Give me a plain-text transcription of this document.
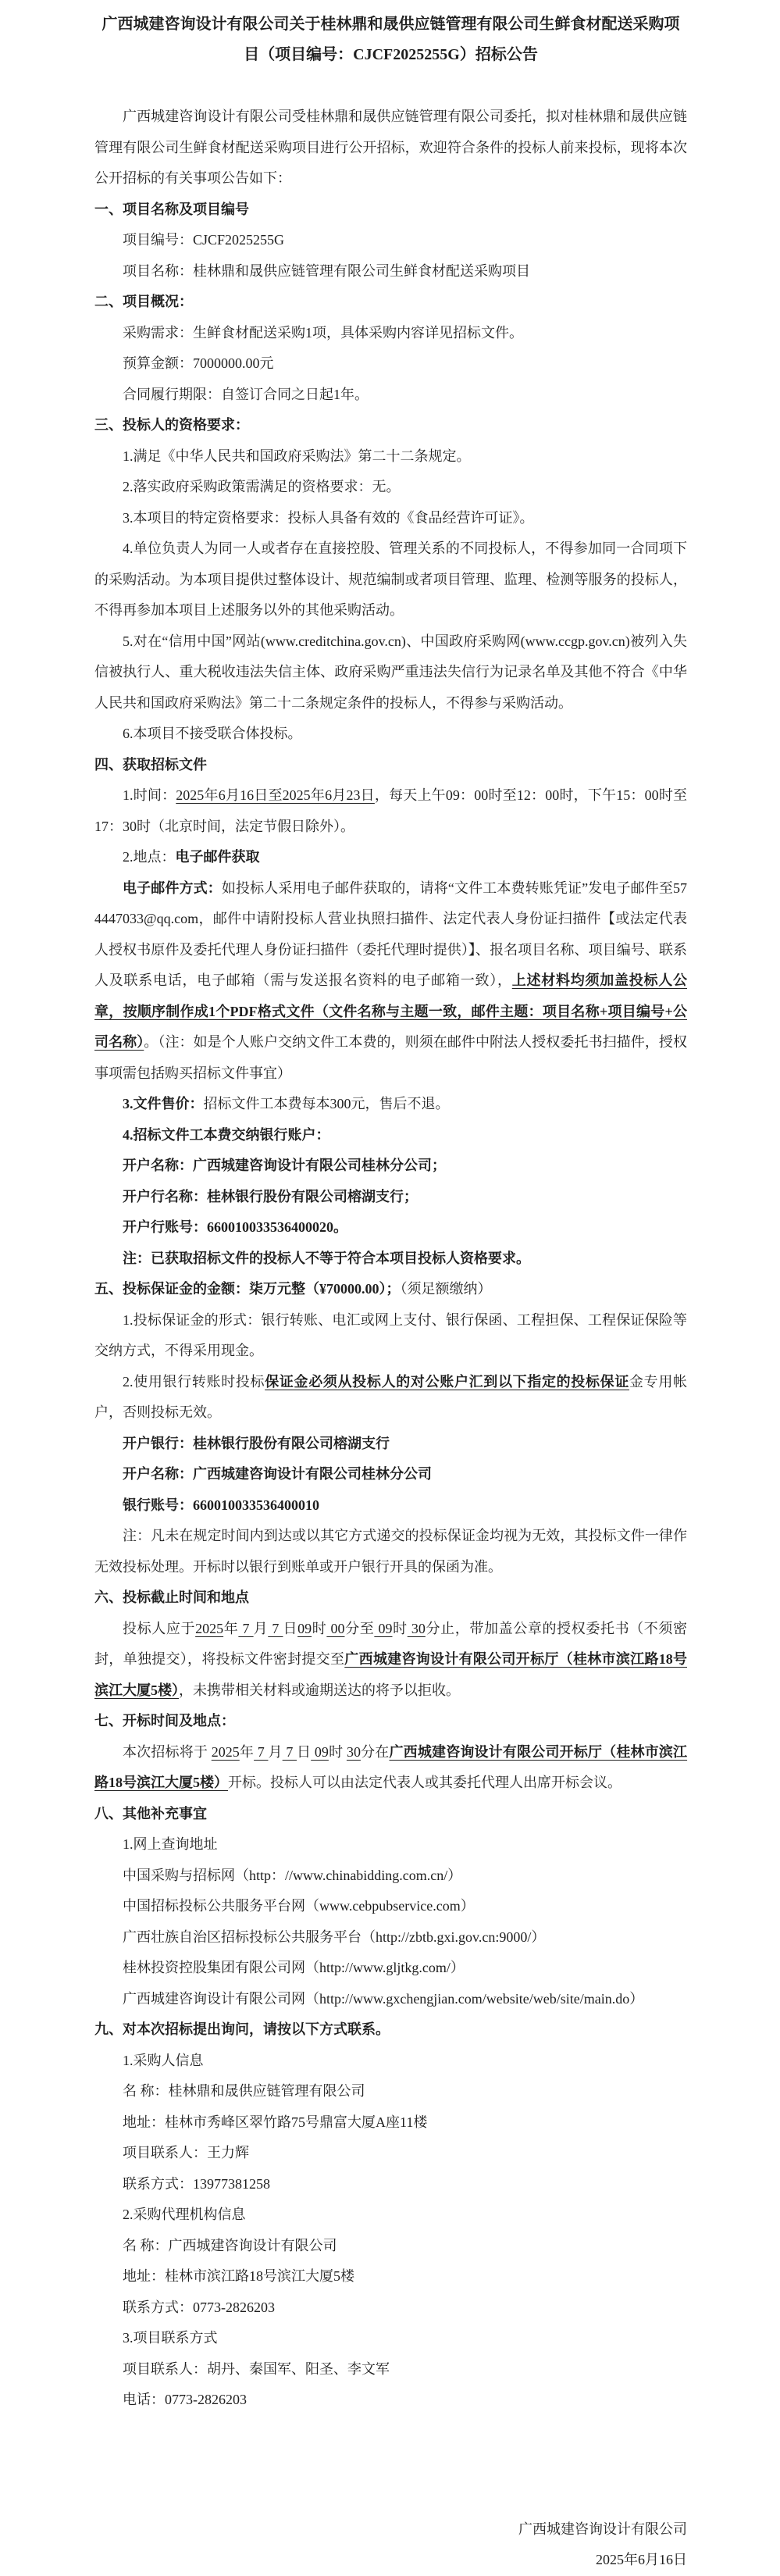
广西城建咨询设计有限公司关于桂林鼎和晟供应链管理有限公司生鲜食材配送采购项目（项目编号：CJCF2025255G）招标公告

广西城建咨询设计有限公司受桂林鼎和晟供应链管理有限公司委托，拟对桂林鼎和晟供应链管理有限公司生鲜食材配送采购项目进行公开招标，欢迎符合条件的投标人前来投标，现将本次公开招标的有关事项公告如下：

一、项目名称及项目编号

项目编号：CJCF2025255G

项目名称：桂林鼎和晟供应链管理有限公司生鲜食材配送采购项目

二、项目概况：

采购需求：生鲜食材配送采购1项，具体采购内容详见招标文件。

预算金额：7000000.00元

合同履行期限：自签订合同之日起1年。

三、投标人的资格要求：

1.满足《中华人民共和国政府采购法》第二十二条规定。

2.落实政府采购政策需满足的资格要求：无。

3.本项目的特定资格要求：投标人具备有效的《食品经营许可证》。

4.单位负责人为同一人或者存在直接控股、管理关系的不同投标人，不得参加同一合同项下的采购活动。为本项目提供过整体设计、规范编制或者项目管理、监理、检测等服务的投标人，不得再参加本项目上述服务以外的其他采购活动。

5.对在“信用中国”网站(www.creditchina.gov.cn)、中国政府采购网(www.ccgp.gov.cn)被列入失信被执行人、重大税收违法失信主体、政府采购严重违法失信行为记录名单及其他不符合《中华人民共和国政府采购法》第二十二条规定条件的投标人，不得参与采购活动。

6.本项目不接受联合体投标。

四、获取招标文件

1.时间：2025年6月16日至2025年6月23日，每天上午09：00时至12：00时，下午15：00时至17：30时（北京时间，法定节假日除外）。

2.地点：电子邮件获取

电子邮件方式：如投标人采用电子邮件获取的，请将“文件工本费转账凭证”发电子邮件至574447033@qq.com，邮件中请附投标人营业执照扫描件、法定代表人身份证扫描件【或法定代表人授权书原件及委托代理人身份证扫描件（委托代理时提供）】、报名项目名称、项目编号、联系人及联系电话，电子邮箱（需与发送报名资料的电子邮箱一致），上述材料均须加盖投标人公章，按顺序制作成1个PDF格式文件（文件名称与主题一致，邮件主题：项目名称+项目编号+公司名称）。（注：如是个人账户交纳文件工本费的，则须在邮件中附法人授权委托书扫描件，授权事项需包括购买招标文件事宜）

3.文件售价：招标文件工本费每本300元，售后不退。

4.招标文件工本费交纳银行账户：

开户名称：广西城建咨询设计有限公司桂林分公司；

开户行名称：桂林银行股份有限公司榕湖支行；

开户行账号：660010033536400020。

注：已获取招标文件的投标人不等于符合本项目投标人资格要求。

五、投标保证金的金额：柒万元整（¥70000.00）；（须足额缴纳）

1.投标保证金的形式：银行转账、电汇或网上支付、银行保函、工程担保、工程保证保险等交纳方式，不得采用现金。

2.使用银行转账时投标保证金必须从投标人的对公账户汇到以下指定的投标保证金专用帐户，否则投标无效。

开户银行：桂林银行股份有限公司榕湖支行

开户名称：广西城建咨询设计有限公司桂林分公司

银行账号：660010033536400010

注：凡未在规定时间内到达或以其它方式递交的投标保证金均视为无效，其投标文件一律作无效投标处理。开标时以银行到账单或开户银行开具的保函为准。

六、投标截止时间和地点

投标人应于2025年 7 月 7 日09时 00分至 09时 30分止，带加盖公章的授权委托书（不须密封，单独提交），将投标文件密封提交至广西城建咨询设计有限公司开标厅（桂林市滨江路18号滨江大厦5楼），未携带相关材料或逾期送达的将予以拒收。

七、开标时间及地点：

本次招标将于 2025年 7 月 7 日 09时 30分在广西城建咨询设计有限公司开标厅（桂林市滨江路18号滨江大厦5楼）开标。投标人可以由法定代表人或其委托代理人出席开标会议。

八、其他补充事宜

1.网上查询地址

中国采购与招标网（http：//www.chinabidding.com.cn/）

中国招标投标公共服务平台网（www.cebpubservice.com）

广西壮族自治区招标投标公共服务平台（http://zbtb.gxi.gov.cn:9000/）

桂林投资控股集团有限公司网（http://www.gljtkg.com/）

广西城建咨询设计有限公司网（http://www.gxchengjian.com/website/web/site/main.do）

九、对本次招标提出询问，请按以下方式联系。

1.采购人信息

名 称：桂林鼎和晟供应链管理有限公司

地址：桂林市秀峰区翠竹路75号鼎富大厦A座11楼

项目联系人：王力辉

联系方式：13977381258

2.采购代理机构信息

名 称：广西城建咨询设计有限公司

地址：桂林市滨江路18号滨江大厦5楼

联系方式：0773-2826203

3.项目联系方式

项目联系人：胡丹、秦国军、阳圣、李文军

电话：0773-2826203

广西城建咨询设计有限公司

2025年6月16日
